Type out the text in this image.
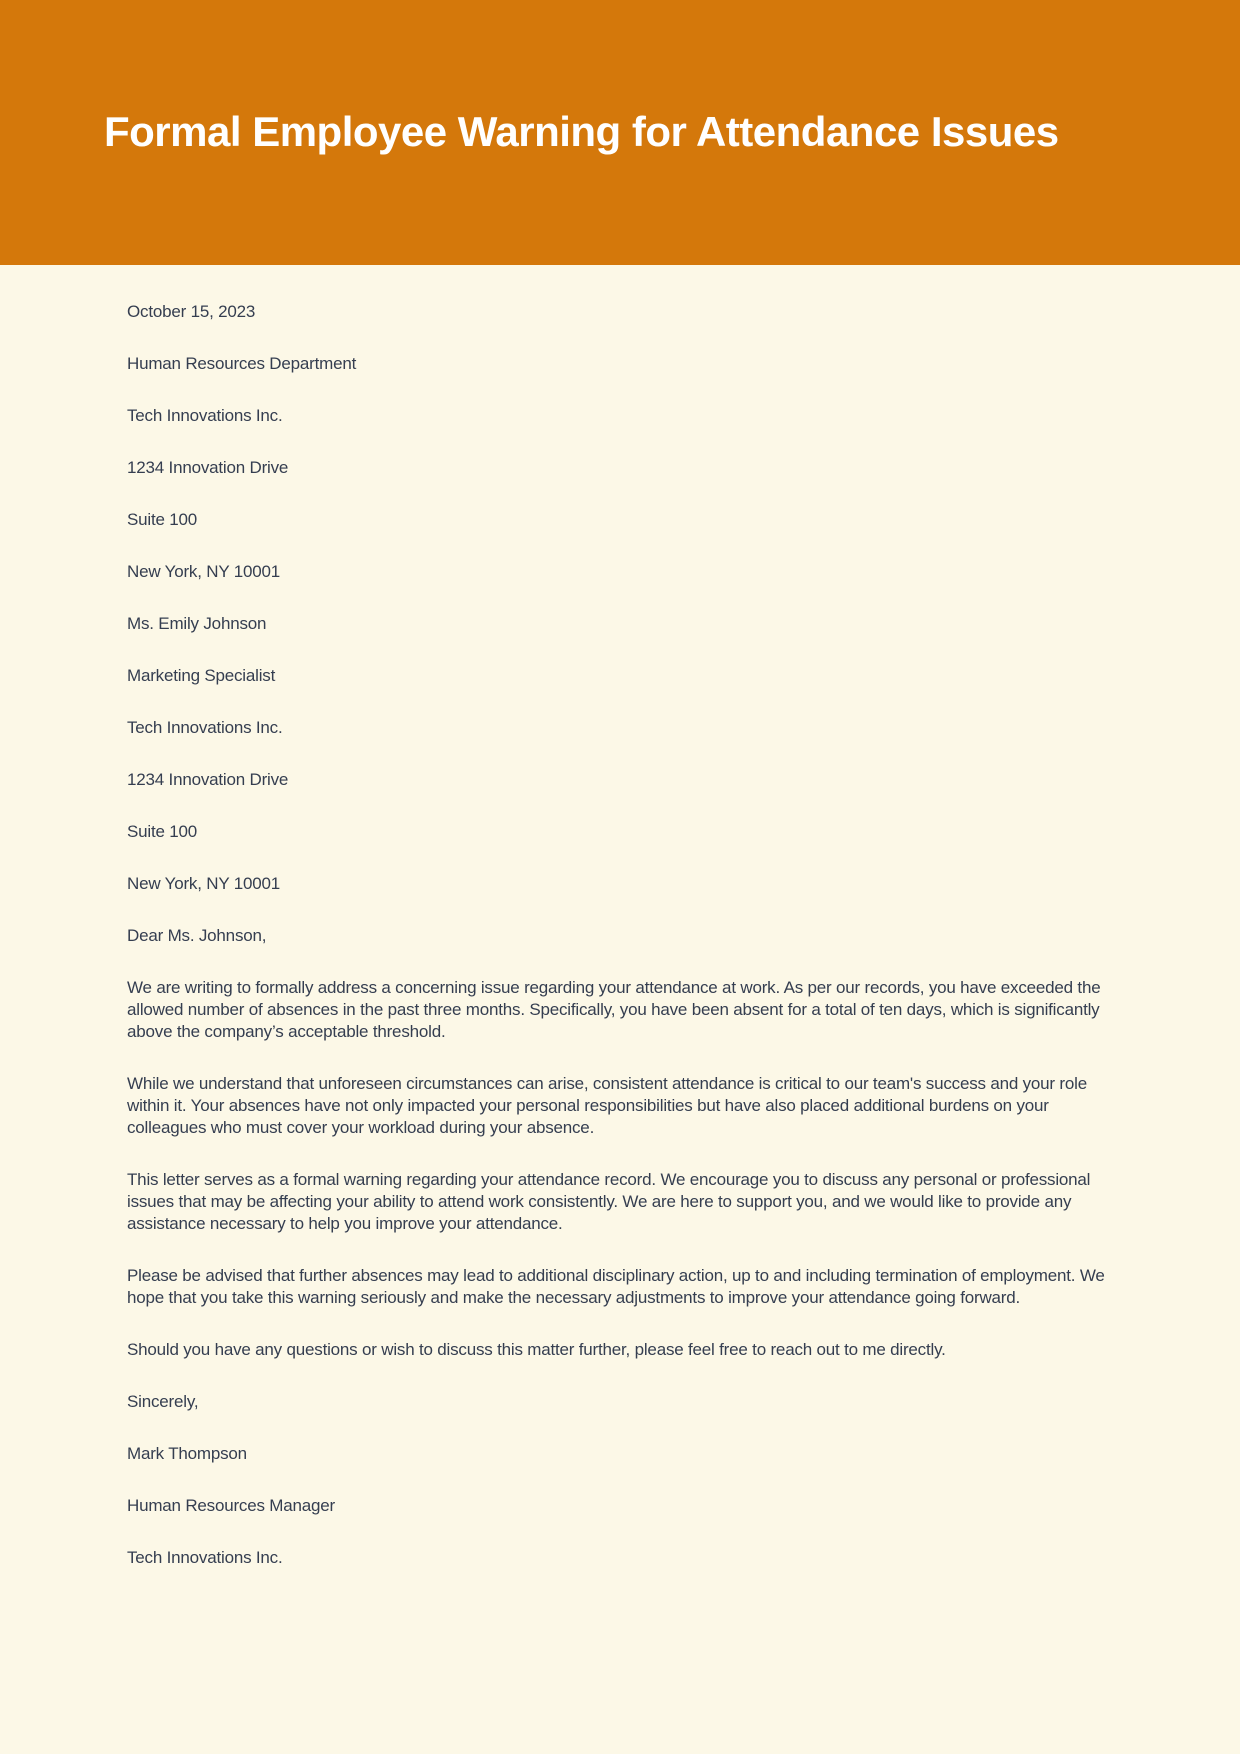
Formal Employee Warning for Attendance Issues

October 15, 2023

Human Resources Department

Tech Innovations Inc.

1234 Innovation Drive

Suite 100

New York, NY 10001

Ms. Emily Johnson

Marketing Specialist

Tech Innovations Inc.

1234 Innovation Drive

Suite 100

New York, NY 10001

Dear Ms. Johnson,

We are writing to formally address a concerning issue regarding your attendance at work. As per our records, you have exceeded the allowed number of absences in the past three months. Specifically, you have been absent for a total of ten days, which is significantly above the company’s acceptable threshold.

While we understand that unforeseen circumstances can arise, consistent attendance is critical to our team's success and your role within it. Your absences have not only impacted your personal responsibilities but have also placed additional burdens on your colleagues who must cover your workload during your absence.

This letter serves as a formal warning regarding your attendance record. We encourage you to discuss any personal or professional issues that may be affecting your ability to attend work consistently. We are here to support you, and we would like to provide any assistance necessary to help you improve your attendance.

Please be advised that further absences may lead to additional disciplinary action, up to and including termination of employment. We hope that you take this warning seriously and make the necessary adjustments to improve your attendance going forward.

Should you have any questions or wish to discuss this matter further, please feel free to reach out to me directly.

Sincerely,

Mark Thompson

Human Resources Manager

Tech Innovations Inc.
